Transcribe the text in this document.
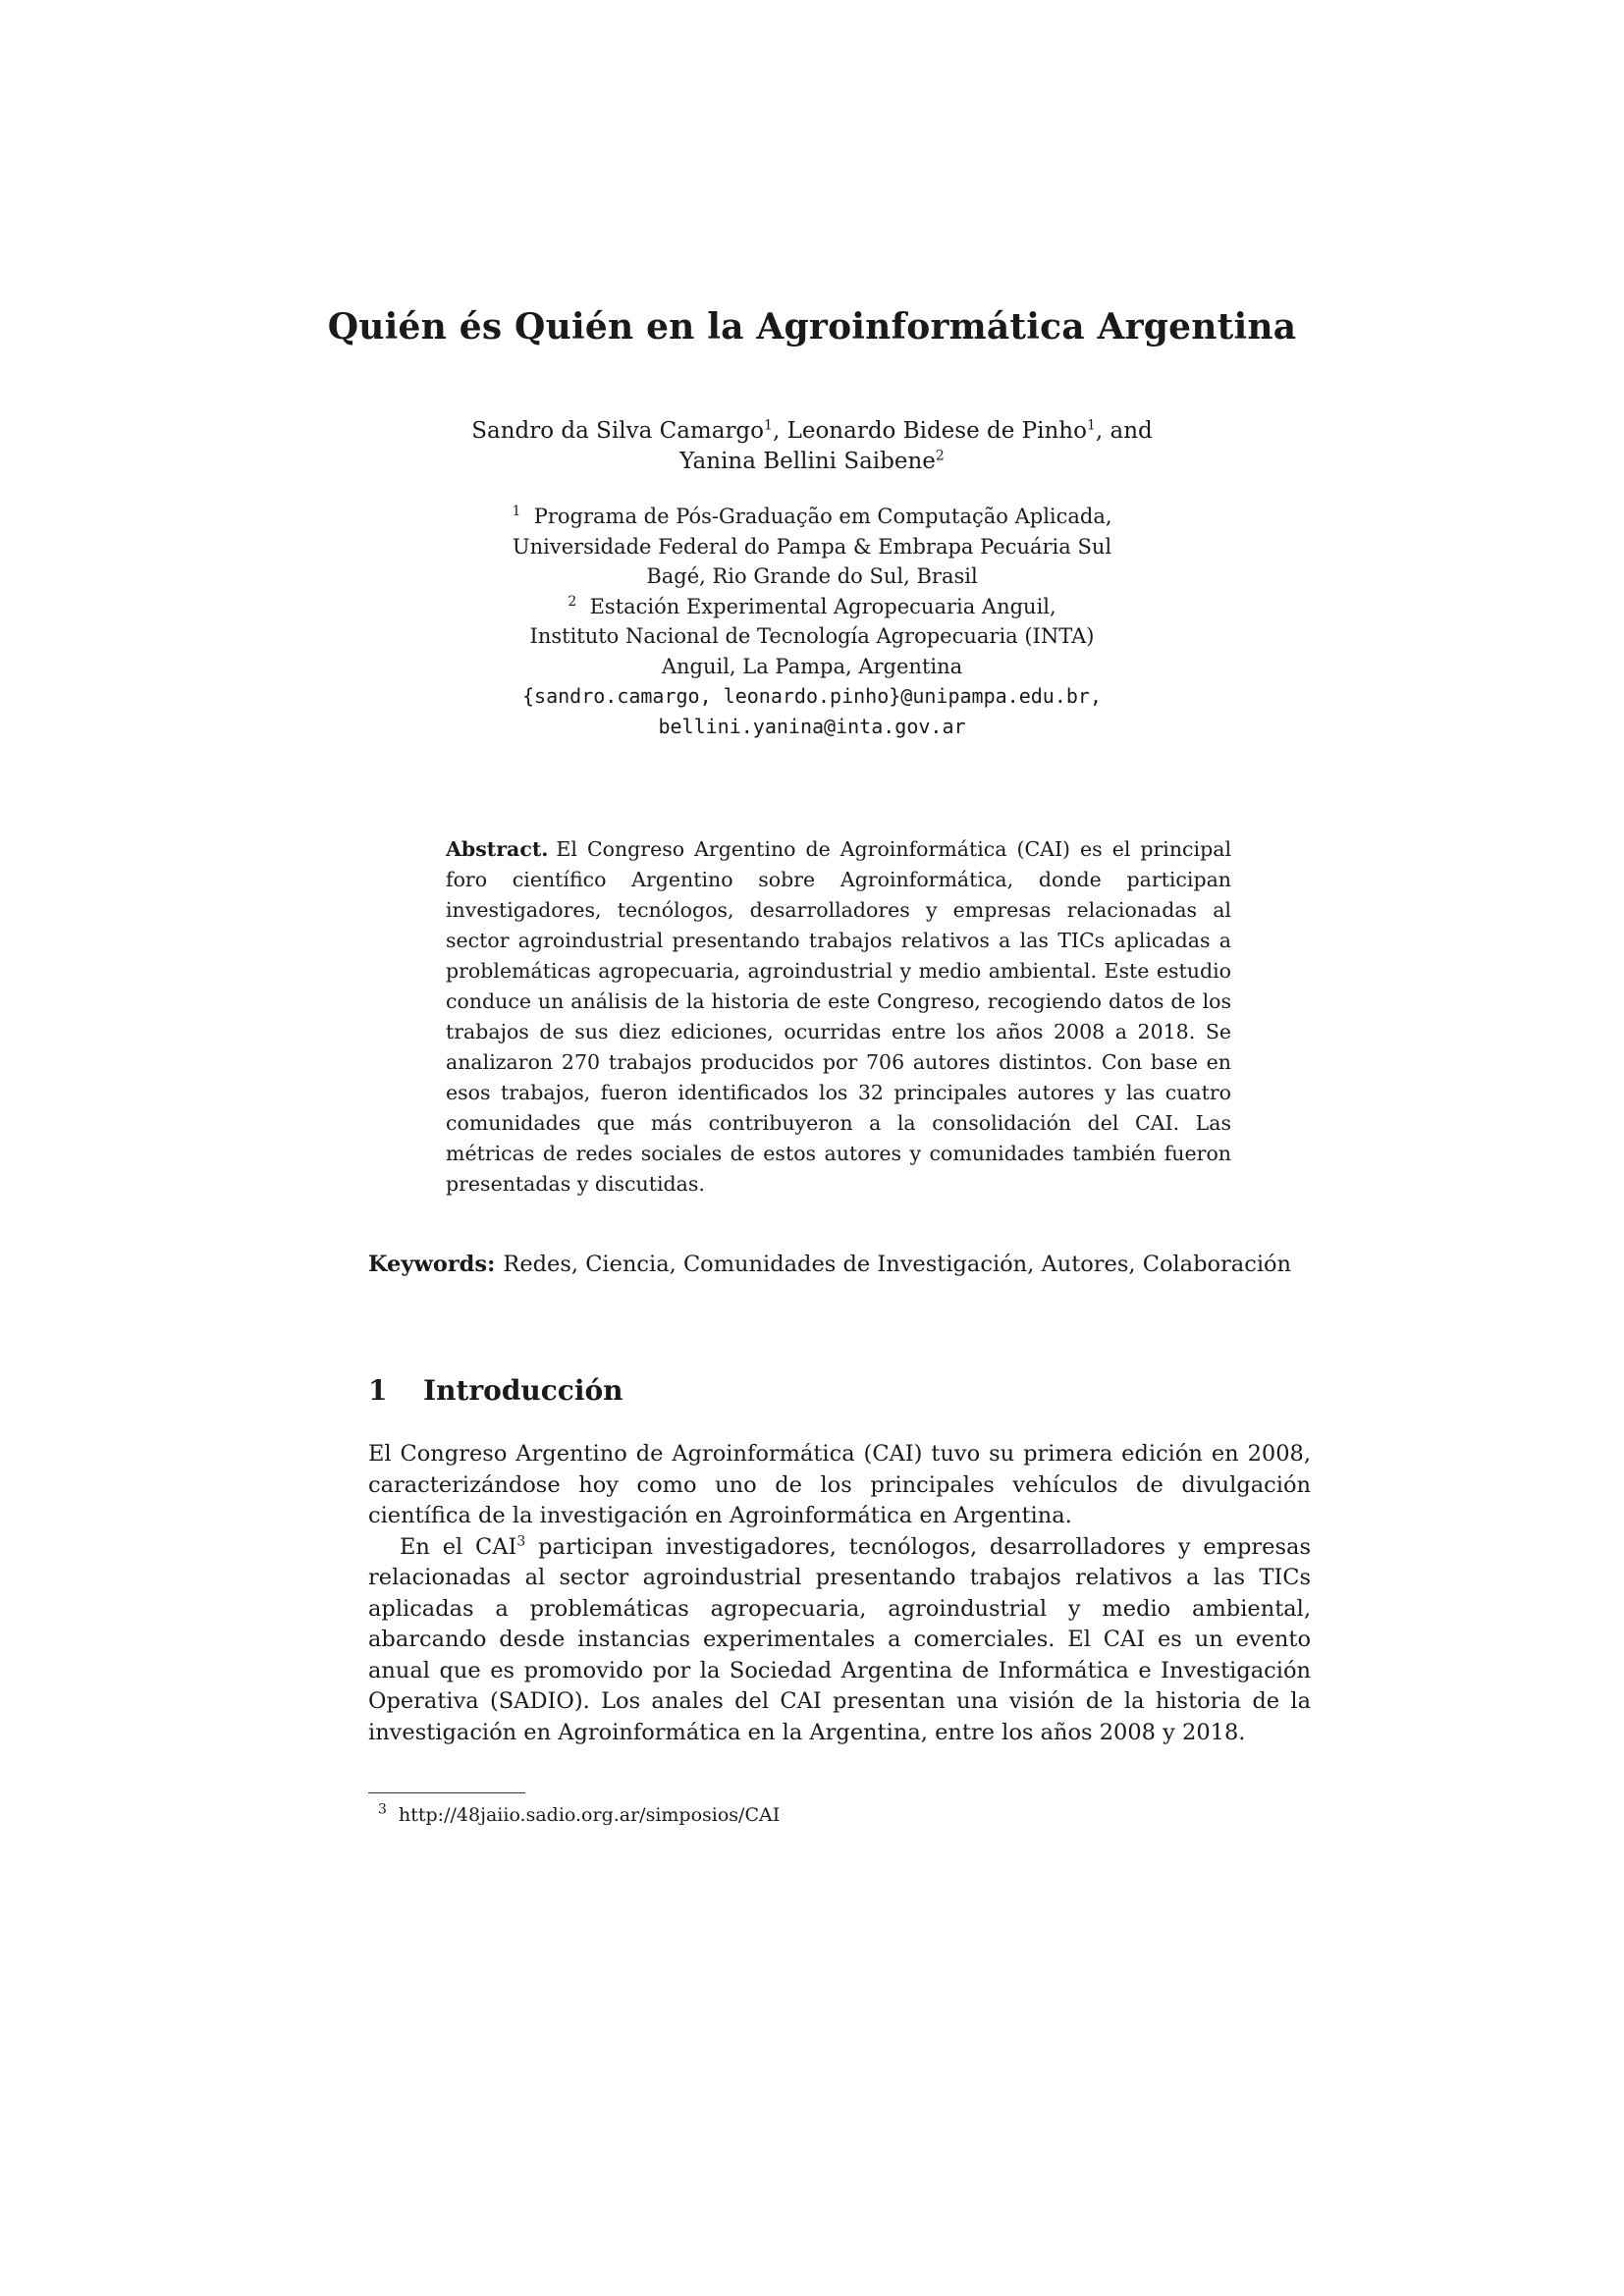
Quién és Quién en la Agroinformática Argentina
Sandro da Silva Camargo$^1$, Leonardo Bidese de Pinho$^1$, and
Yanina Bellini Saibene$^2$
$^1$ Programa de Pós-Graduação em Computação Aplicada,
Universidade Federal do Pampa & Embrapa Pecuária Sul
Bagé, Rio Grande do Sul, Brasil
$^2$ Estación Experimental Agropecuaria Anguil,
Instituto Nacional de Tecnología Agropecuaria (INTA)
Anguil, La Pampa, Argentina
{sandro.camargo, leonardo.pinho}@unipampa.edu.br,
bellini.yanina@inta.gov.ar
Abstract. El Congreso Argentino de Agroinformática (CAI) es el principal foro científico Argentino sobre Agroinformática, donde participan investigadores, tecnólogos, desarrolladores y empresas relacionadas al sector agroindustrial presentando trabajos relativos a las TICs aplicadas a problemáticas agropecuaria, agroindustrial y medio ambiental. Este estudio conduce un análisis de la historia de este Congreso, recogiendo datos de los trabajos de sus diez ediciones, ocurridas entre los años 2008 a 2018. Se analizaron 270 trabajos producidos por 706 autores distintos. Con base en esos trabajos, fueron identificados los 32 principales autores y las cuatro comunidades que más contribuyeron a la consolidación del CAI. Las métricas de redes sociales de estos autores y comunidades también fueron presentadas y discutidas.
Keywords: Redes, Ciencia, Comunidades de Investigación, Autores, Colaboración
1 Introducción

El Congreso Argentino de Agroinformática (CAI) tuvo su primera edición en 2008, caracterizándose hoy como uno de los principales vehículos de divulgación científica de la investigación en Agroinformática en Argentina.

En el CAI$^3$ participan investigadores, tecnólogos, desarrolladores y empresas relacionadas al sector agroindustrial presentando trabajos relativos a las TICs aplicadas a problemáticas agropecuaria, agroindustrial y medio ambiental, abarcando desde instancias experimentales a comerciales. El CAI es un evento anual que es promovido por la Sociedad Argentina de Informática e Investigación Operativa (SADIO). Los anales del CAI presentan una visión de la historia de la investigación en Agroinformática en la Argentina, entre los años 2008 y 2018.

$^3$ http://48jaiio.sadio.org.ar/simposios/CAI
